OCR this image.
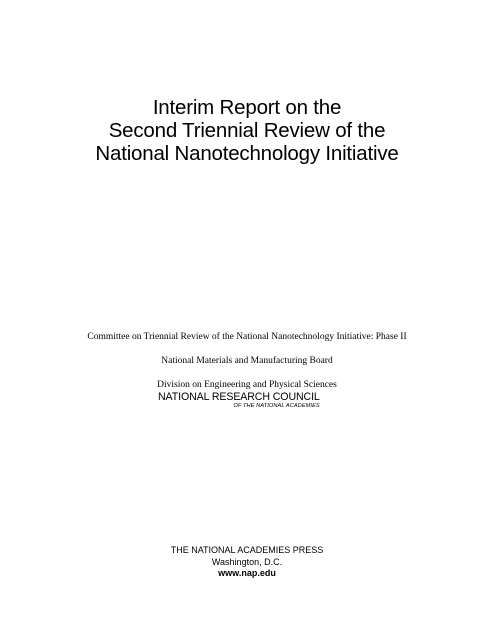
Interim Report on the
Second Triennial Review of the
National Nanotechnology Initiative
Committee on Triennial Review of the National Nanotechnology Initiative: Phase II
National Materials and Manufacturing Board
Division on Engineering and Physical Sciences
NATIONAL RESEARCH COUNCIL
OF THE NATIONAL ACADEMIES
THE NATIONAL ACADEMIES PRESS
Washington, D.C.
www.nap.edu
